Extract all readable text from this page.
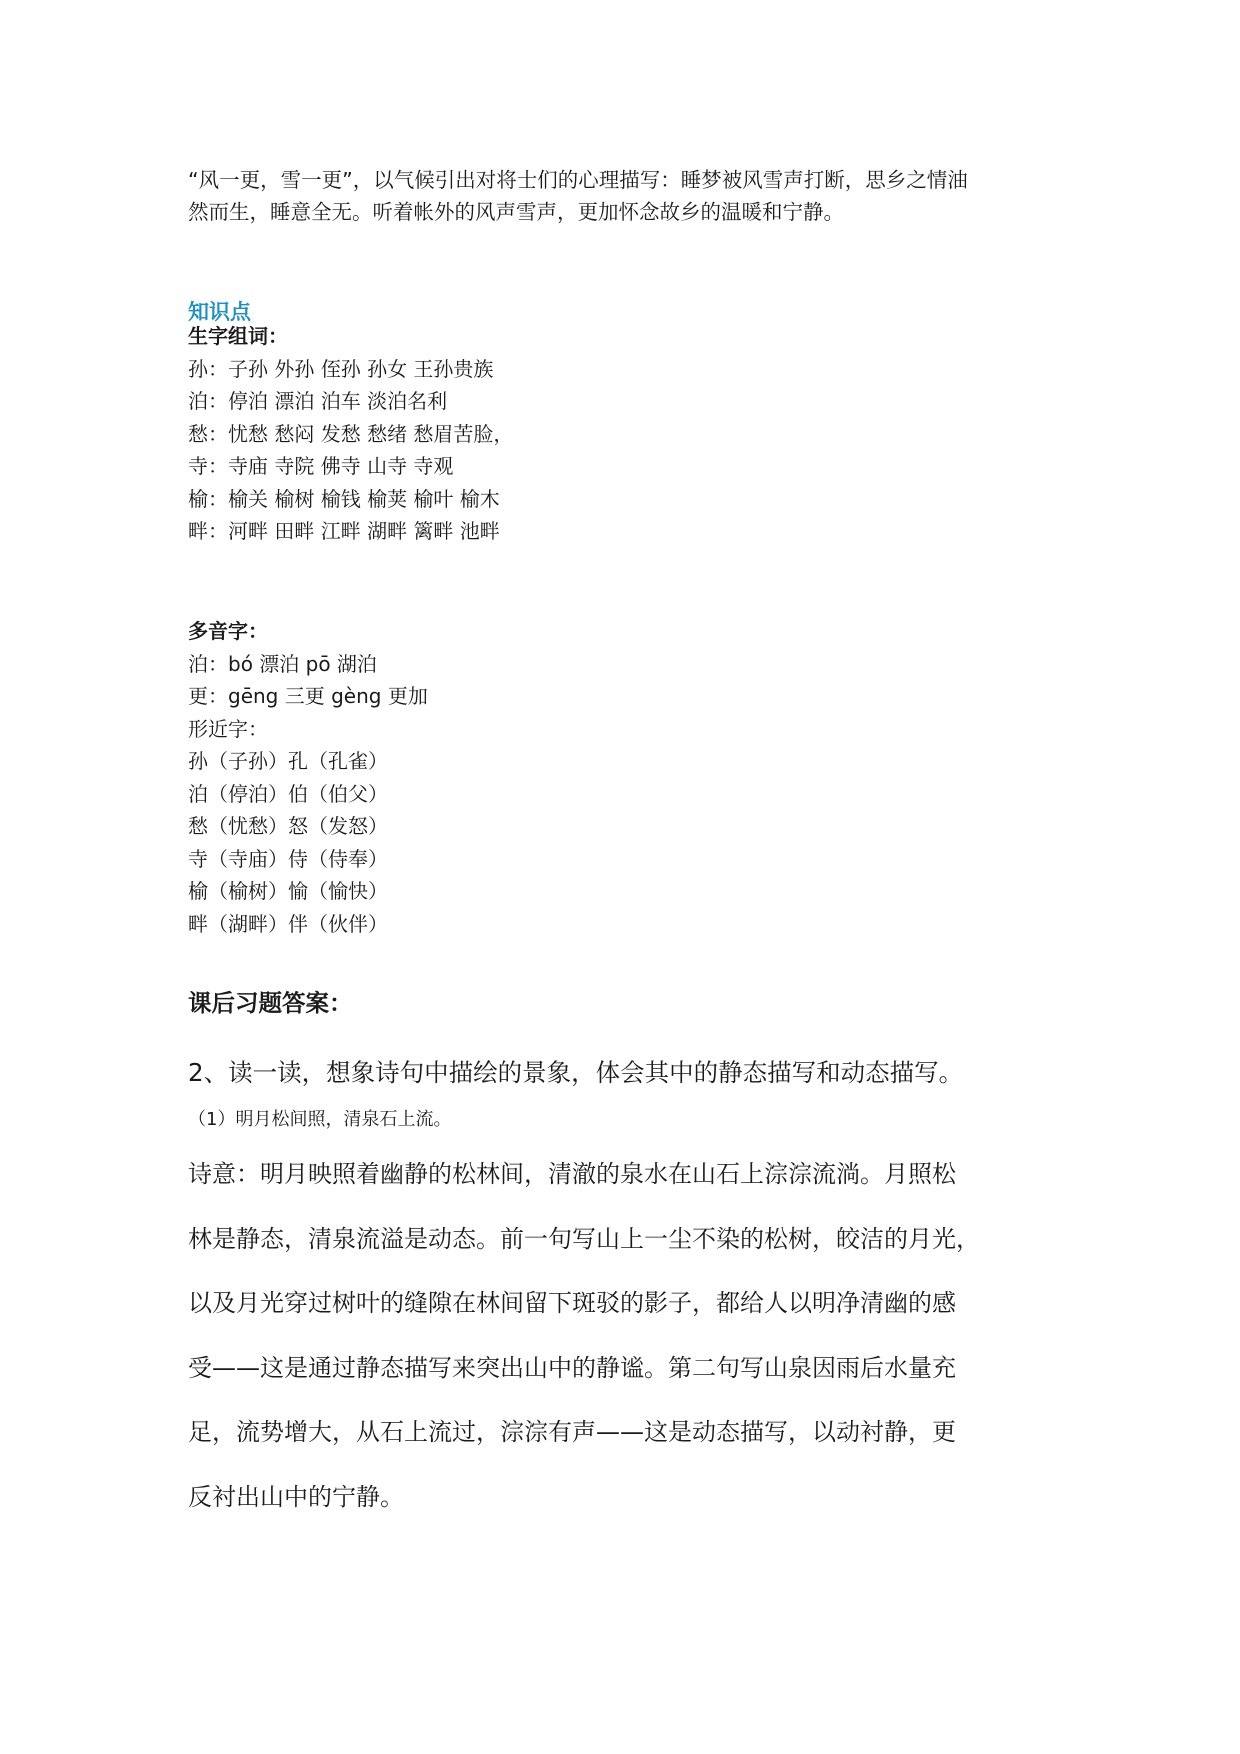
“风一更，雪一更”，以气候引出对将士们的心理描写：睡梦被风雪声打断，思乡之情油
然而生，睡意全无。听着帐外的风声雪声，更加怀念故乡的温暖和宁静。
知识点
生字组词：
孙：子孙 外孙 侄孙 孙女 王孙贵族
泊：停泊 漂泊 泊车 淡泊名利
愁：忧愁 愁闷 发愁 愁绪 愁眉苦脸，
寺：寺庙 寺院 佛寺 山寺 寺观
榆：榆关 榆树 榆钱 榆荚 榆叶 榆木
畔：河畔 田畔 江畔 湖畔 篱畔 池畔
多音字：
泊：bó 漂泊 pō 湖泊
更：gēng 三更 gèng 更加
形近字：
孙（子孙）孔（孔雀）
泊（停泊）伯（伯父）
愁（忧愁）怒（发怒）
寺（寺庙）侍（侍奉）
榆（榆树）愉（愉快）
畔（湖畔）伴（伙伴）
课后习题答案：
2、读一读，想象诗句中描绘的景象，体会其中的静态描写和动态描写。
（1）明月松间照，清泉石上流。
诗意：明月映照着幽静的松林间，清澈的泉水在山石上淙淙流淌。月照松
林是静态，清泉流溢是动态。前一句写山上一尘不染的松树，皎洁的月光，
以及月光穿过树叶的缝隙在林间留下斑驳的影子，都给人以明净清幽的感
受——这是通过静态描写来突出山中的静谧。第二句写山泉因雨后水量充
足，流势增大，从石上流过，淙淙有声——这是动态描写，以动衬静，更
反衬出山中的宁静。
